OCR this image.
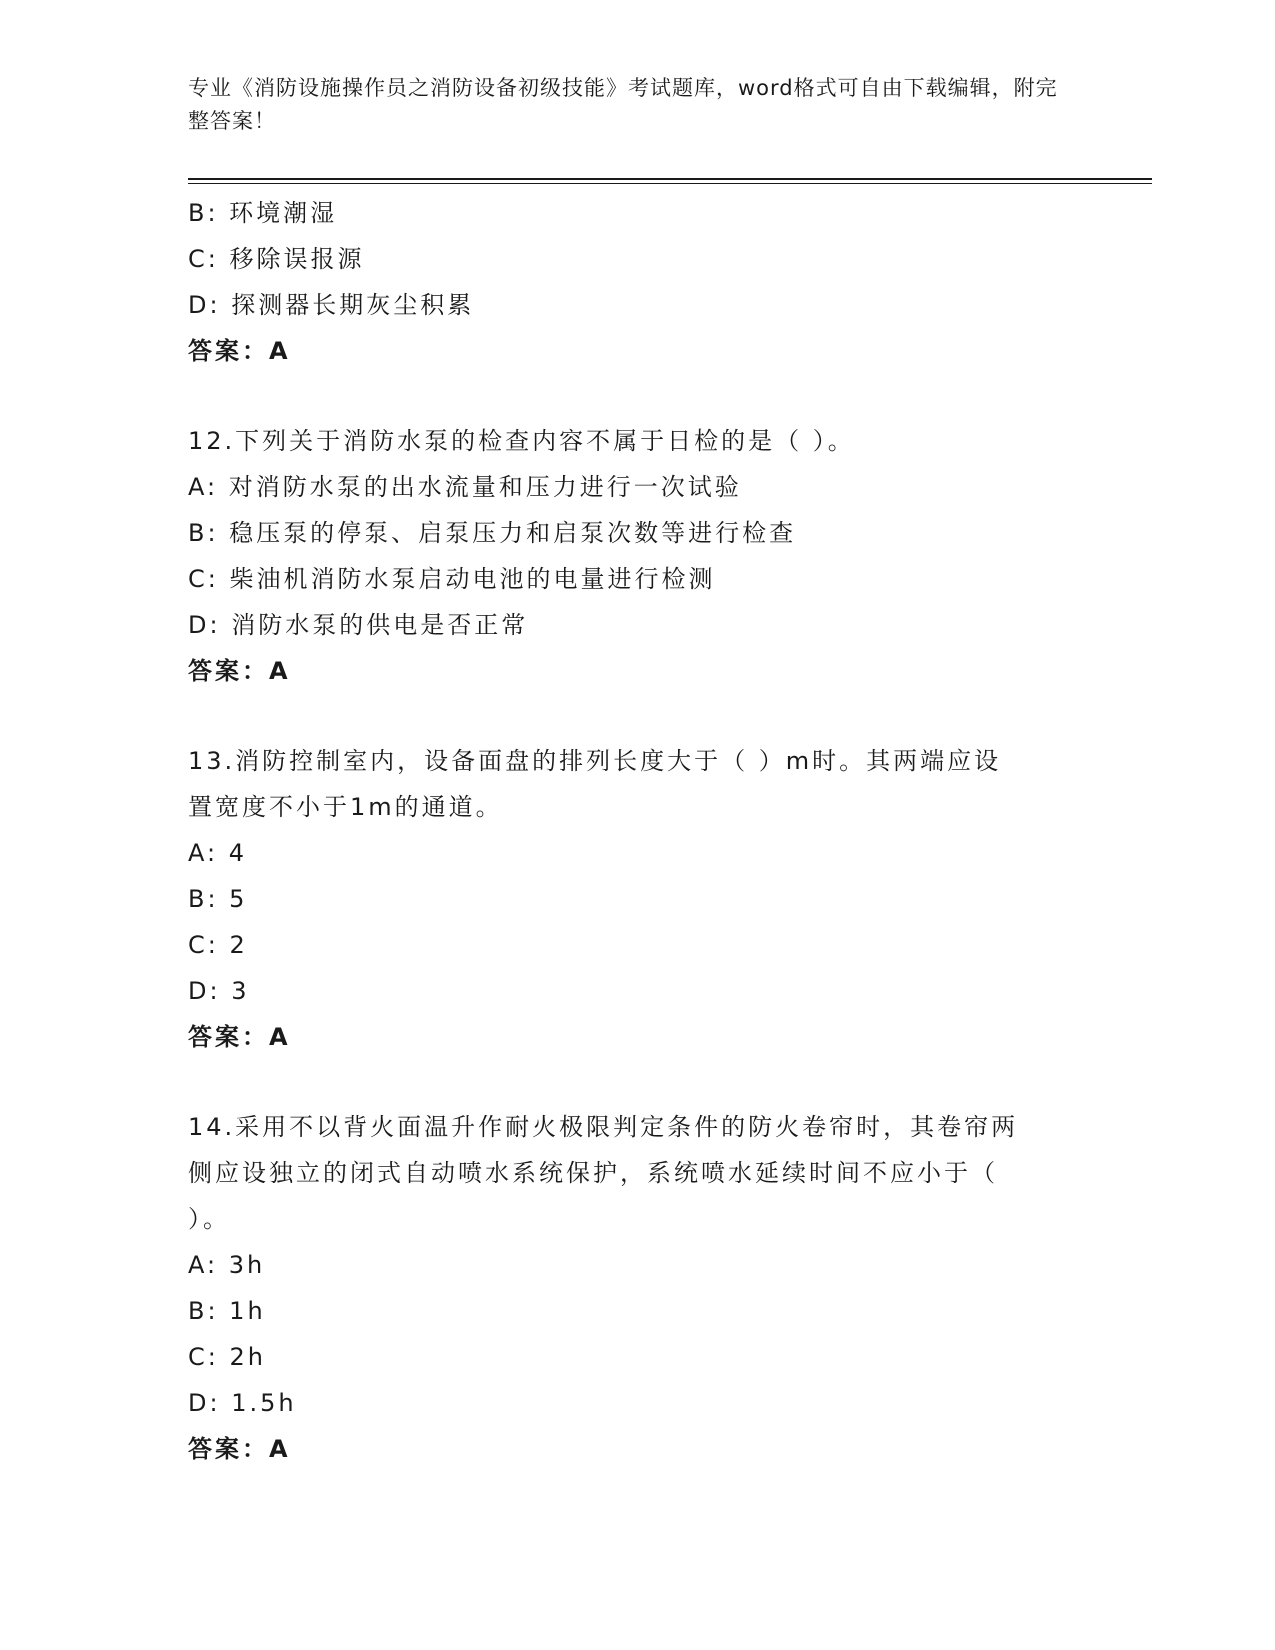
专业《消防设施操作员之消防设备初级技能》考试题库，word格式可自由下载编辑，附完整答案！
B: 环境潮湿
C: 移除误报源
D: 探测器长期灰尘积累
答案：A
12.下列关于消防水泵的检查内容不属于日检的是（ ）。
A: 对消防水泵的出水流量和压力进行一次试验
B: 稳压泵的停泵、启泵压力和启泵次数等进行检查
C: 柴油机消防水泵启动电池的电量进行检测
D: 消防水泵的供电是否正常
答案：A
13.消防控制室内，设备面盘的排列长度大于（ ）m时。其两端应设
置宽度不小于1m的通道。
A: 4
B: 5
C: 2
D: 3
答案：A
14.采用不以背火面温升作耐火极限判定条件的防火卷帘时，其卷帘两
侧应设独立的闭式自动喷水系统保护，系统喷水延续时间不应小于（
）。
A: 3h
B: 1h
C: 2h
D: 1.5h
答案：A
